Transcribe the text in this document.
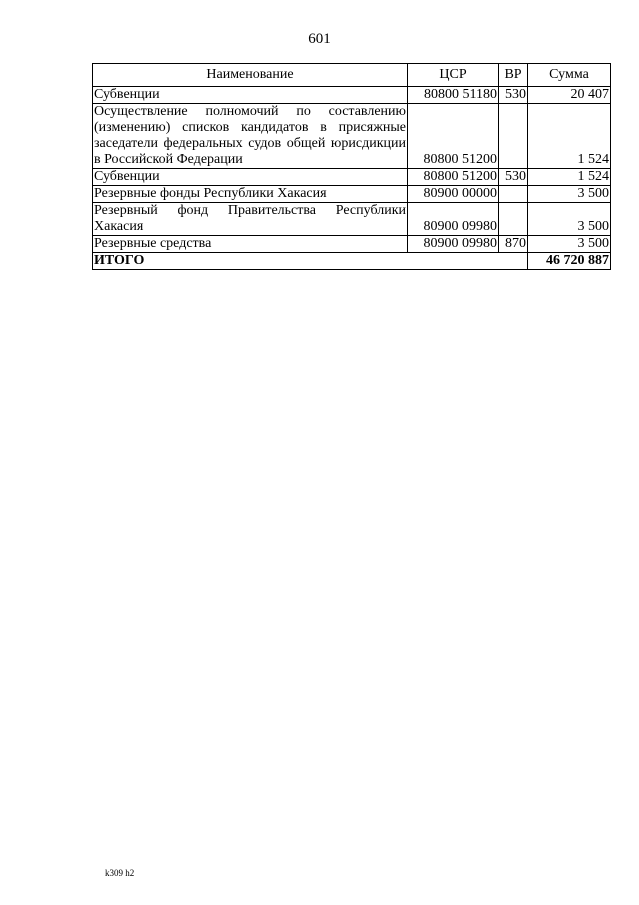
601
Наименование	ЦСР	ВР	Сумма
Субвенции	80800 51180	530	20 407
Осуществление полномочий по составлению (изменению) списков кандидатов в присяжные заседатели федеральных судов общей юрисдикции в Российской Федерации	80800 51200		1 524
Субвенции	80800 51200	530	1 524
Резервные фонды Республики Хакасия	80900 00000		3 500
Резервный фонд Правительства Республики Хакасия	80900 09980		3 500
Резервные средства	80900 09980	870	3 500
ИТОГО			46 720 887
k309 h2
